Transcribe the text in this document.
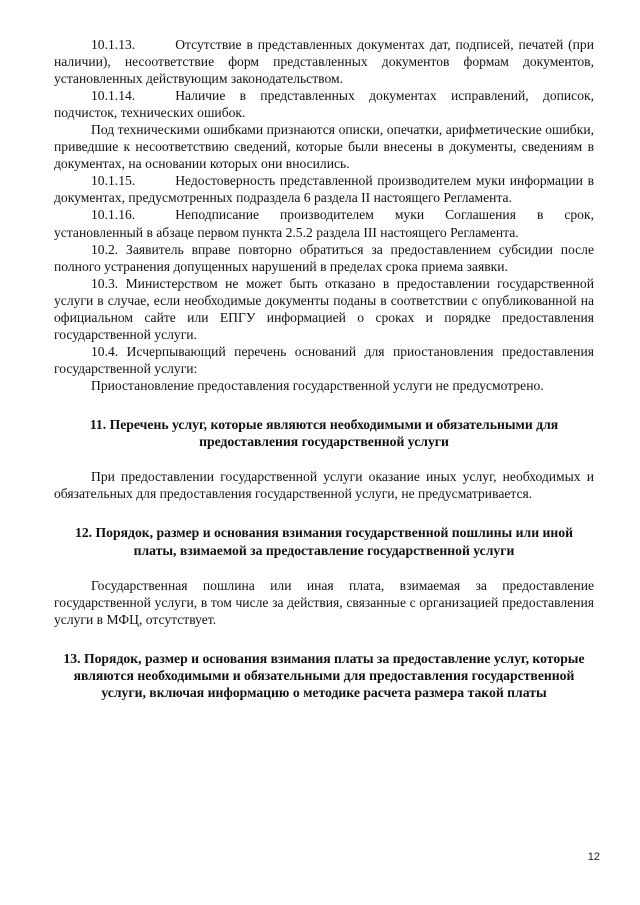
10.1.13.	Отсутствие в представленных документах дат, подписей, печатей (при наличии), несоответствие форм представленных документов формам документов, установленных действующим законодательством.

10.1.14.	Наличие в представленных документах исправлений, дописок, подчисток, технических ошибок.

Под техническими ошибками признаются описки, опечатки, арифметические ошибки, приведшие к несоответствию сведений, которые были внесены в документы, сведениям в документах, на основании которых они вносились.

10.1.15.	Недостоверность представленной производителем муки информации в документах, предусмотренных подраздела 6 раздела II настоящего Регламента.

10.1.16.	Неподписание производителем муки Соглашения в срок, установленный в абзаце первом пункта 2.5.2 раздела III настоящего Регламента.

10.2. Заявитель вправе повторно обратиться за предоставлением субсидии после полного устранения допущенных нарушений в пределах срока приема заявки.

10.3. Министерством не может быть отказано в предоставлении государственной услуги в случае, если необходимые документы поданы в соответствии с опубликованной на официальном сайте или ЕПГУ информацией о сроках и порядке предоставления государственной услуги.

10.4. Исчерпывающий перечень оснований для приостановления предоставления государственной услуги:

Приостановление предоставления государственной услуги не предусмотрено.

11. Перечень услуг, которые являются необходимыми и обязательными для предоставления государственной услуги

При предоставлении государственной услуги оказание иных услуг, необходимых и обязательных для предоставления государственной услуги, не предусматривается.

12. Порядок, размер и основания взимания государственной пошлины или иной платы, взимаемой за предоставление государственной услуги

Государственная пошлина или иная плата, взимаемая за предоставление государственной услуги, в том числе за действия, связанные с организацией предоставления услуги в МФЦ, отсутствует.

13. Порядок, размер и основания взимания платы за предоставление услуг, которые являются необходимыми и обязательными для предоставления государственной услуги, включая информацию о методике расчета размера такой платы

12
